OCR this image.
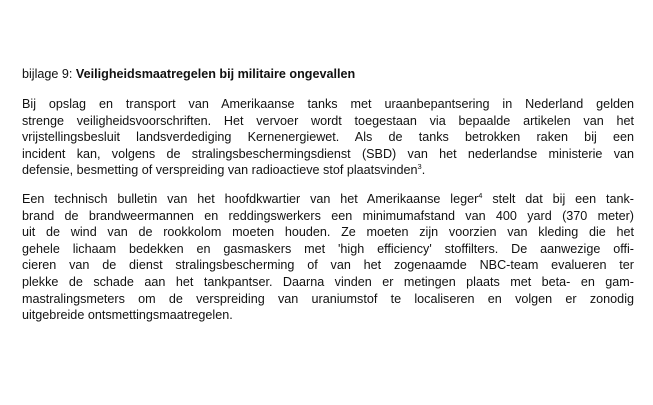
bijlage 9: Veiligheidsmaatregelen bij militaire ongevallen

Bij opslag en transport van Amerikaanse tanks met uraanbepantsering in Nederland gelden
strenge veiligheidsvoorschriften. Het vervoer wordt toegestaan via bepaalde artikelen van het
vrijstellingsbesluit landsverdediging Kernenergiewet. Als de tanks betrokken raken bij een
incident kan, volgens de stralingsbeschermingsdienst (SBD) van het nederlandse ministerie van
defensie, besmetting of verspreiding van radioactieve stof plaatsvinden$^3$.

Een technisch bulletin van het hoofdkwartier van het Amerikaanse leger$^4$ stelt dat bij een tank-
brand de brandweermannen en reddingswerkers een minimumafstand van 400 yard (370 meter)
uit de wind van de rookkolom moeten houden. Ze moeten zijn voorzien van kleding die het
gehele lichaam bedekken en gasmaskers met 'high efficiency' stoffilters. De aanwezige offi-
cieren van de dienst stralingsbescherming of van het zogenaamde NBC-team evalueren ter
plekke de schade aan het tankpantser. Daarna vinden er metingen plaats met beta- en gam-
mastralingsmeters om de verspreiding van uraniumstof te localiseren en volgen er zonodig
uitgebreide ontsmettingsmaatregelen.
